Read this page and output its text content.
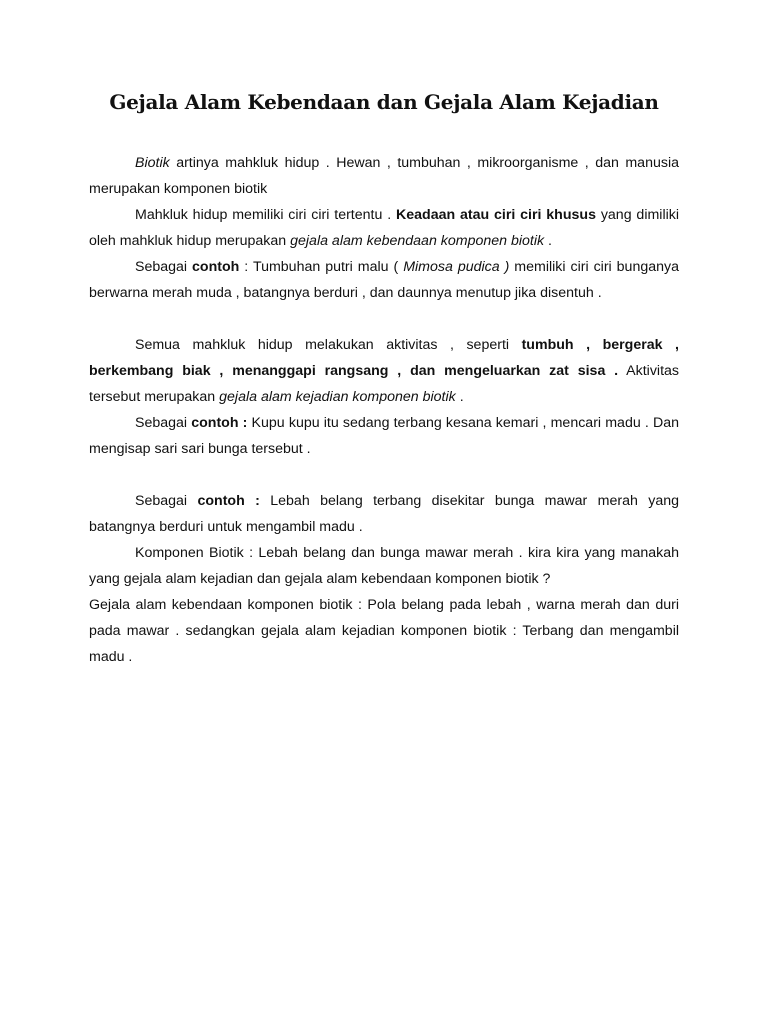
Gejala Alam Kebendaan dan Gejala Alam Kejadian

Biotik artinya mahkluk hidup . Hewan , tumbuhan , mikroorganisme , dan manusia merupakan komponen biotik

Mahkluk hidup memiliki ciri ciri tertentu . Keadaan atau ciri ciri khusus yang dimiliki oleh mahkluk hidup merupakan gejala alam kebendaan komponen biotik .

Sebagai contoh : Tumbuhan putri malu ( Mimosa pudica ) memiliki ciri ciri bunganya berwarna merah muda , batangnya berduri , dan daunnya menutup jika disentuh .

Semua mahkluk hidup melakukan aktivitas , seperti tumbuh , bergerak , berkembang biak , menanggapi rangsang , dan mengeluarkan zat sisa . Aktivitas tersebut merupakan gejala alam kejadian komponen biotik .

Sebagai contoh : Kupu kupu itu sedang terbang kesana kemari , mencari madu . Dan mengisap sari sari bunga tersebut .

Sebagai contoh : Lebah belang terbang disekitar bunga mawar merah yang batangnya berduri untuk mengambil madu .

Komponen Biotik : Lebah belang dan bunga mawar merah . kira kira yang manakah yang gejala alam kejadian dan gejala alam kebendaan komponen biotik ?

Gejala alam kebendaan komponen biotik : Pola belang pada lebah , warna merah dan duri pada mawar . sedangkan gejala alam kejadian komponen biotik : Terbang dan mengambil madu .
